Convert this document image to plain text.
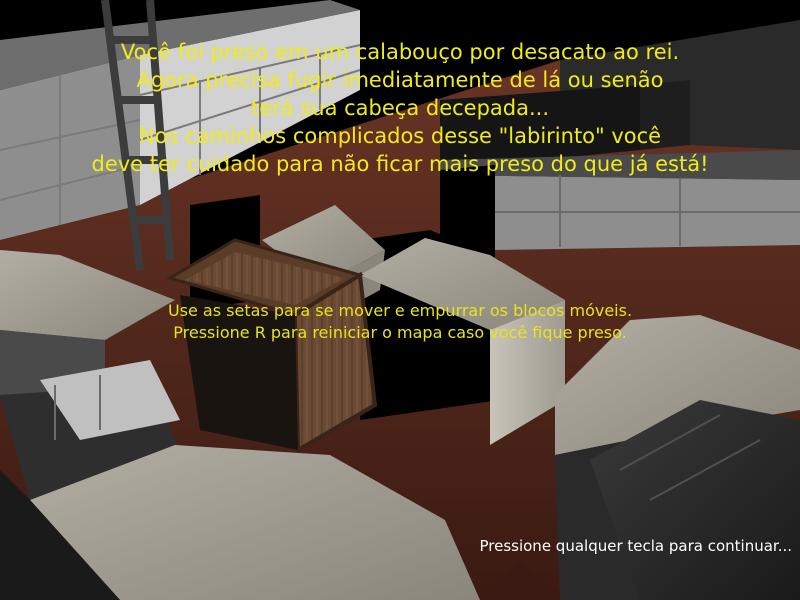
Você foi preso em um calabouço por desacato ao rei.
Agora precisa fugir imediatamente de lá ou senão
terá sua cabeça decepada...
Nos caminhos complicados desse "labirinto" você
deve ter cuidado para não ficar mais preso do que já está!
Use as setas para se mover e empurrar os blocos móveis.
Pressione R para reiniciar o mapa caso você fique preso.
Pressione qualquer tecla para continuar...
